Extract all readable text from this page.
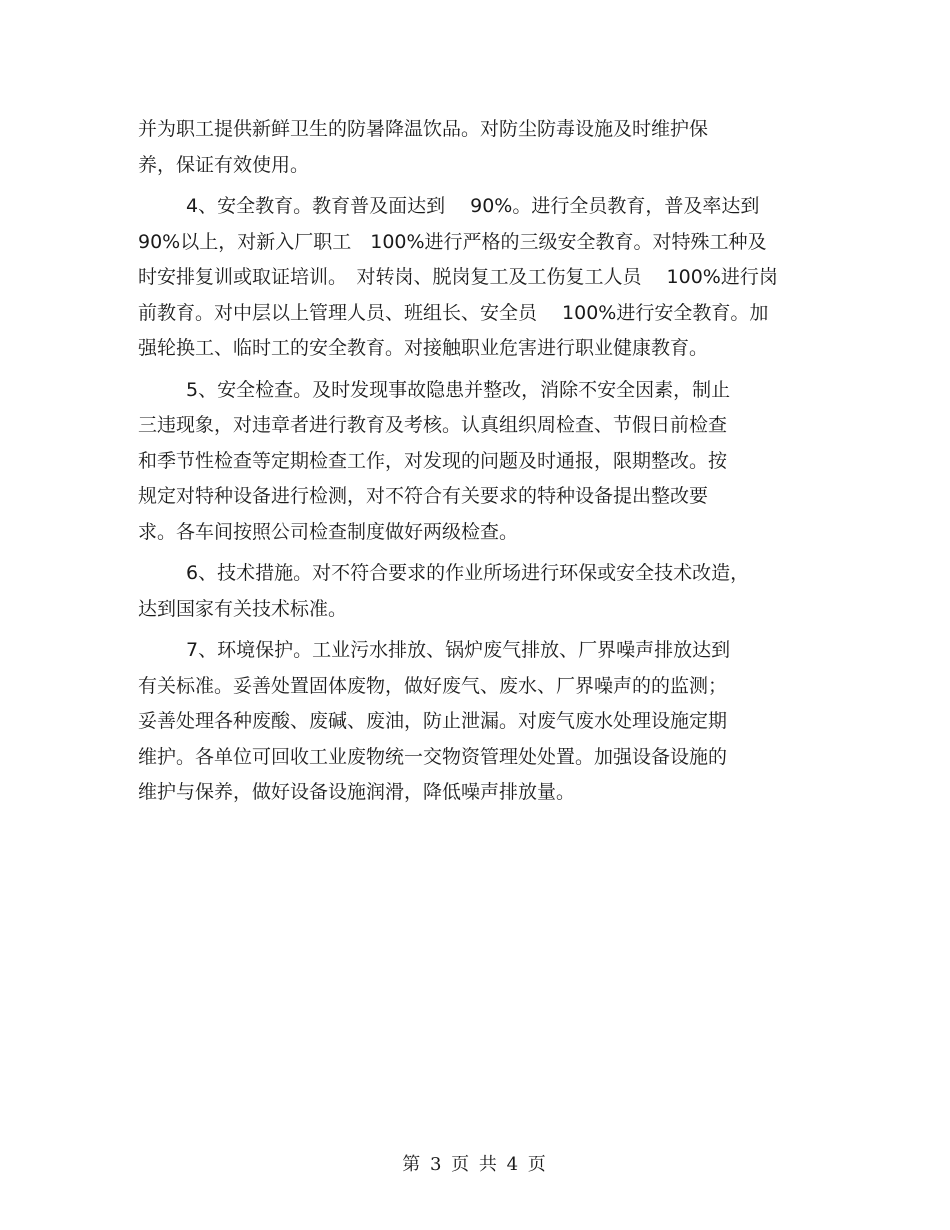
并为职工提供新鲜卫生的防暑降温饮品。对防尘防毒设施及时维护保
养，保证有效使用。
4、安全教育。教育普及面达到　 90%。进行全员教育，普及率达到
90%以上，对新入厂职工　100%进行严格的三级安全教育。对特殊工种及
时安排复训或取证培训。　对转岗、脱岗复工及工伤复工人员　 100%进行岗
前教育。对中层以上管理人员、班组长、安全员　 100%进行安全教育。加
强轮换工、临时工的安全教育。对接触职业危害进行职业健康教育。
5、安全检查。及时发现事故隐患并整改，消除不安全因素，制止
三违现象，对违章者进行教育及考核。认真组织周检查、节假日前检查
和季节性检查等定期检查工作，对发现的问题及时通报，限期整改。按
规定对特种设备进行检测，对不符合有关要求的特种设备提出整改要
求。各车间按照公司检查制度做好两级检查。
6、技术措施。对不符合要求的作业所场进行环保或安全技术改造，
达到国家有关技术标准。
7、环境保护。工业污水排放、锅炉废气排放、厂界噪声排放达到
有关标准。妥善处置固体废物，做好废气、废水、厂界噪声的的监测；
妥善处理各种废酸、废碱、废油，防止泄漏。对废气废水处理设施定期
维护。各单位可回收工业废物统一交物资管理处处置。加强设备设施的
维护与保养，做好设备设施润滑，降低噪声排放量。
第 3 页 共 4 页
